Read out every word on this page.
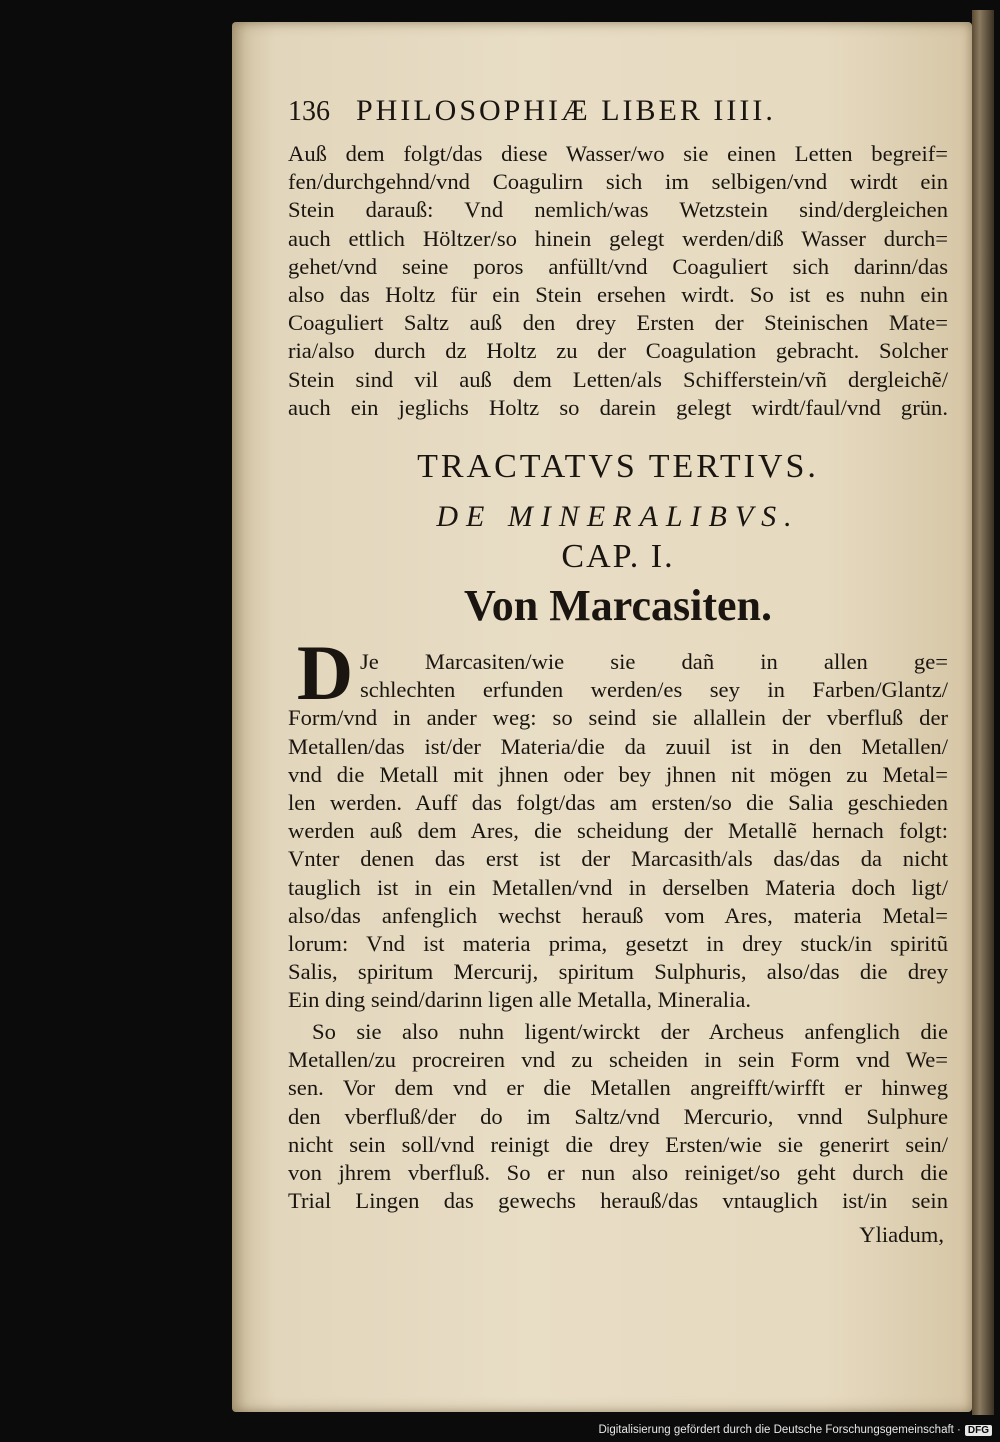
136 PHILOSOPHIÆ LIBER IIII.
Auß dem folgt/das diese Wasser/wo sie einen Letten begreif=
fen/durchgehnd/vnd Coagulirn sich im selbigen/vnd wirdt ein
Stein darauß: Vnd nemlich/was Wetzstein sind/dergleichen
auch ettlich Höltzer/so hinein gelegt werden/diß Wasser durch=
gehet/vnd seine poros anfüllt/vnd Coaguliert sich darinn/das
also das Holtz für ein Stein ersehen wirdt. So ist es nuhn ein
Coaguliert Saltz auß den drey Ersten der Steinischen Mate=
ria/also durch dz Holtz zu der Coagulation gebracht. Solcher
Stein sind vil auß dem Letten/als Schifferstein/vñ dergleichẽ/
auch ein jeglichs Holtz so darein gelegt wirdt/faul/vnd grün.
TRACTATVS TERTIVS.
DE MINERALIBVS.
CAP. I.
Von Marcasiten.
D Je Marcasiten/wie sie dañ in allen ge=
schlechten erfunden werden/es sey in Farben/Glantz/
Form/vnd in ander weg: so seind sie allallein der vberfluß der
Metallen/das ist/der Materia/die da zuuil ist in den Metallen/
vnd die Metall mit jhnen oder bey jhnen nit mögen zu Metal=
len werden. Auff das folgt/das am ersten/so die Salia geschieden
werden auß dem Ares, die scheidung der Metallẽ hernach folgt:
Vnter denen das erst ist der Marcasith/als das/das da nicht
tauglich ist in ein Metallen/vnd in derselben Materia doch ligt/
also/das anfenglich wechst herauß vom Ares, materia Metal=
lorum: Vnd ist materia prima, gesetzt in drey stuck/in spiritũ
Salis, spiritum Mercurij, spiritum Sulphuris, also/das die drey
Ein ding seind/darinn ligen alle Metalla, Mineralia.
So sie also nuhn ligent/wirckt der Archeus anfenglich die
Metallen/zu procreiren vnd zu scheiden in sein Form vnd We=
sen. Vor dem vnd er die Metallen angreifft/wirfft er hinweg
den vberfluß/der do im Saltz/vnd Mercurio, vnnd Sulphure
nicht sein soll/vnd reinigt die drey Ersten/wie sie generirt sein/
von jhrem vberfluß. So er nun also reiniget/so geht durch die
Trial Lingen das gewechs herauß/das vntauglich ist/in sein
Yliadum,
Digitalisierung gefördert durch die Deutsche Forschungsgemeinschaft · DFG
